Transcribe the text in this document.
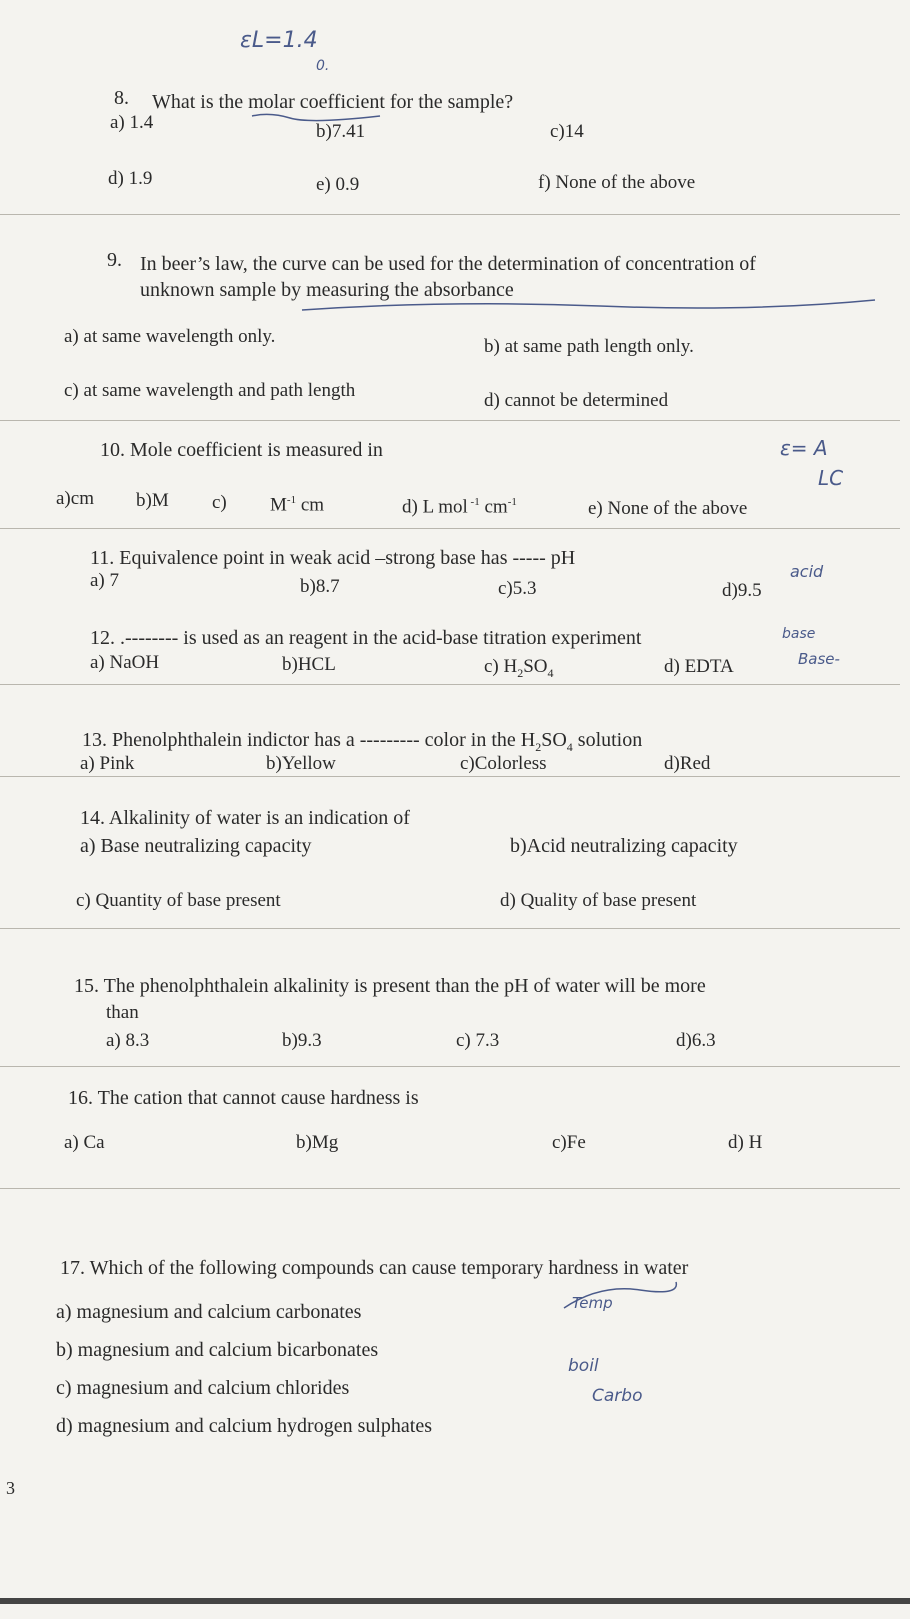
εL=1.4
0.
8. What is the molar coefficient for the sample?
a) 1.4	b)7.41	c)14
d) 1.9	e) 0.9	f) None of the above
9. In beer’s law, the curve can be used for the determination of concentration of
unknown sample by measuring the absorbance
a) at same wavelength only.	b) at same path length only.
c) at same wavelength and path length	d) cannot be determined
10. Mole coefficient is measured in	ε= A
LC
a)cm b)M c) $M^{-1}$ cm	d) L mol $^{-1}$ $cm^{-1}$	e) None of the above
11. Equivalence point in weak acid –strong base has ----- pH
acid
a) 7	b)8.7	c)5.3	d)9.5
12. .-------- is used as an reagent in the acid-base titration experiment	base
Base-
a) NaOH	b)HCL	c) $H_2SO_4$	d) EDTA
13. Phenolphthalein indictor has a --------- color in the $H_2SO_4$ solution
a) Pink	b)Yellow	c)Colorless	d)Red
14. Alkalinity of water is an indication of
a) Base neutralizing capacity	b)Acid neutralizing capacity
c) Quantity of base present	d) Quality of base present
15. The phenolphthalein alkalinity is present than the pH of water will be more
than
a) 8.3	b)9.3	c) 7.3	d)6.3
16. The cation that cannot cause hardness is
a) Ca	b)Mg	c)Fe	d) H
17. Which of the following compounds can cause temporary hardness in water
Temp
a) magnesium and calcium carbonates
b) magnesium and calcium bicarbonates
boil
c) magnesium and calcium chlorides	Carbo
d) magnesium and calcium hydrogen sulphates
3
